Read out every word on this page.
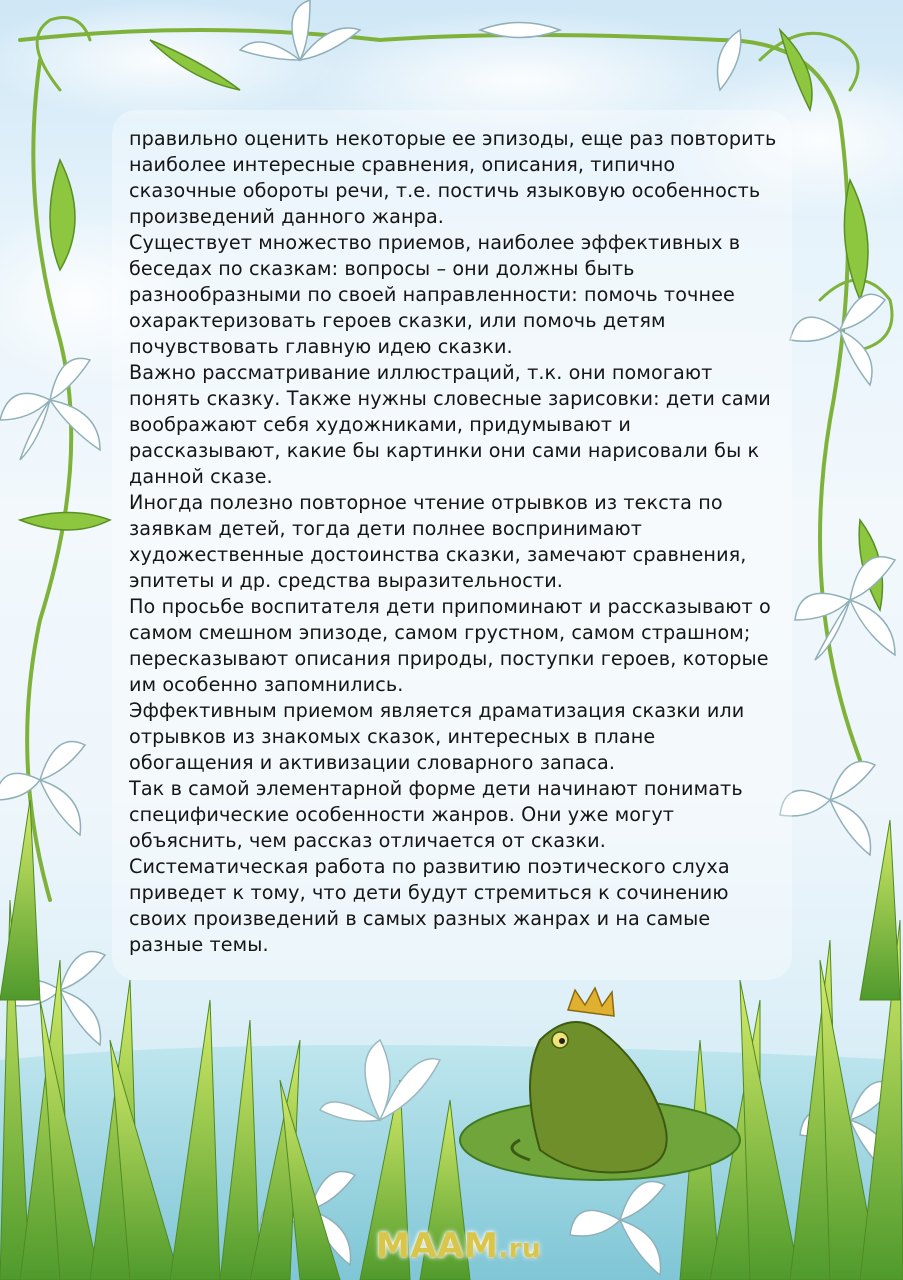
правильно оценить некоторые ее эпизоды, еще раз повторить наиболее интересные сравнения, описания, типично сказочные обороты речи, т.е. постичь языковую особенность произведений данного жанра.

Существует множество приемов, наиболее эффективных в беседах по сказкам: вопросы – они должны быть разнообразными по своей направленности: помочь точнее охарактеризовать героев сказки, или помочь детям почувствовать главную идею сказки.

Важно рассматривание иллюстраций, т.к. они помогают понять сказку. Также нужны словесные зарисовки: дети сами воображают себя художниками, придумывают и рассказывают, какие бы картинки они сами нарисовали бы к данной сказе.

Иногда полезно повторное чтение отрывков из текста по заявкам детей, тогда дети полнее воспринимают художественные достоинства сказки, замечают сравнения, эпитеты и др. средства выразительности.

По просьбе воспитателя дети припоминают и рассказывают о самом смешном эпизоде, самом грустном, самом страшном; пересказывают описания природы, поступки героев, которые им особенно запомнились.

Эффективным приемом является драматизация сказки или отрывков из знакомых сказок, интересных в плане обогащения и активизации словарного запаса.

Так в самой элементарной форме дети начинают понимать специфические особенности жанров. Они уже могут объяснить, чем рассказ отличается от сказки.

Систематическая работа по развитию поэтического слуха приведет к тому, что дети будут стремиться к сочинению своих произведений в самых разных жанрах и на самые разные темы.

MAAM.ru
